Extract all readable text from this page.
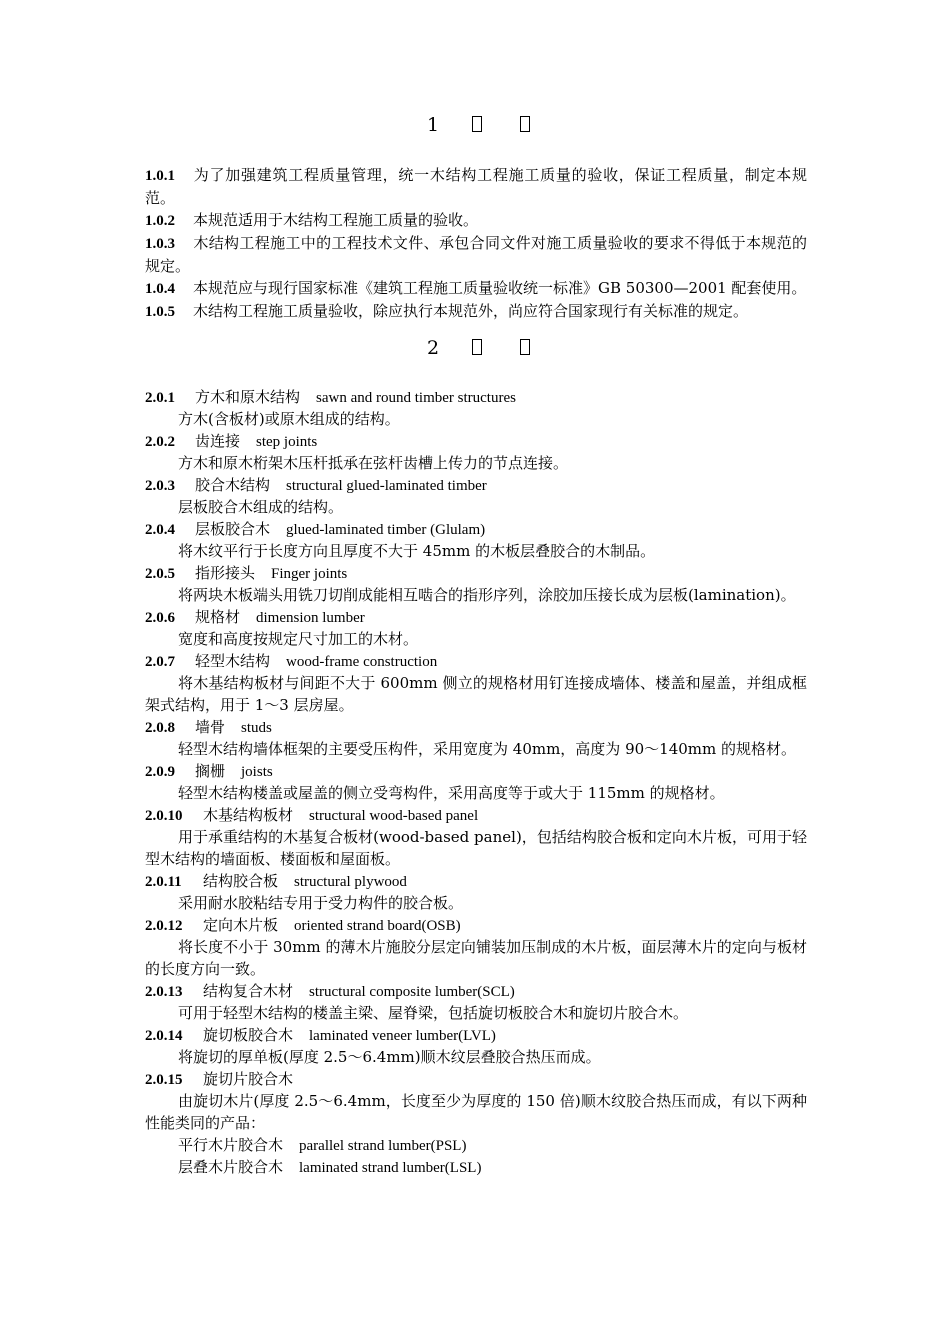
1
1.0.1 为了加强建筑工程质量管理，统一木结构工程施工质量的验收，保证工程质量，制定本规范。
1.0.2 本规范适用于木结构工程施工质量的验收。
1.0.3 木结构工程施工中的工程技术文件、承包合同文件对施工质量验收的要求不得低于本规范的规定。
1.0.4 本规范应与现行国家标准《建筑工程施工质量验收统一标准》GB 50300—2001 配套使用。
1.0.5 木结构工程施工质量验收，除应执行本规范外，尚应符合国家现行有关标准的规定。
2
2.0.1 方木和原木结构 sawn and round timber structures
方木(含板材)或原木组成的结构。
2.0.2 齿连接 step joints
方木和原木桁架木压杆抵承在弦杆齿槽上传力的节点连接。
2.0.3 胶合木结构 structural glued-laminated timber
层板胶合木组成的结构。
2.0.4 层板胶合木 glued-laminated timber (Glulam)
将木纹平行于长度方向且厚度不大于 45mm 的木板层叠胶合的木制品。
2.0.5 指形接头 Finger joints
将两块木板端头用铣刀切削成能相互啮合的指形序列，涂胶加压接长成为层板(lamination)。
2.0.6 规格材 dimension lumber
宽度和高度按规定尺寸加工的木材。
2.0.7 轻型木结构 wood-frame construction
将木基结构板材与间距不大于 600mm 侧立的规格材用钉连接成墙体、楼盖和屋盖，并组成框架式结构，用于 1～3 层房屋。
2.0.8 墙骨 studs
轻型木结构墙体框架的主要受压构件，采用宽度为 40mm，高度为 90～140mm 的规格材。
2.0.9 搁栅 joists
轻型木结构楼盖或屋盖的侧立受弯构件，采用高度等于或大于 115mm 的规格材。
2.0.10 木基结构板材 structural wood-based panel
用于承重结构的木基复合板材(wood-based panel)，包括结构胶合板和定向木片板，可用于轻型木结构的墙面板、楼面板和屋面板。
2.0.11 结构胶合板 structural plywood
采用耐水胶粘结专用于受力构件的胶合板。
2.0.12 定向木片板 oriented strand board(OSB)
将长度不小于 30mm 的薄木片施胶分层定向铺装加压制成的木片板，面层薄木片的定向与板材的长度方向一致。
2.0.13 结构复合木材 structural composite lumber(SCL)
可用于轻型木结构的楼盖主梁、屋脊梁，包括旋切板胶合木和旋切片胶合木。
2.0.14 旋切板胶合木 laminated veneer lumber(LVL)
将旋切的厚单板(厚度 2.5～6.4mm)顺木纹层叠胶合热压而成。
2.0.15 旋切片胶合木
由旋切木片(厚度 2.5～6.4mm，长度至少为厚度的 150 倍)顺木纹胶合热压而成，有以下两种性能类同的产品：
平行木片胶合木 parallel strand lumber(PSL)
层叠木片胶合木 laminated strand lumber(LSL)
